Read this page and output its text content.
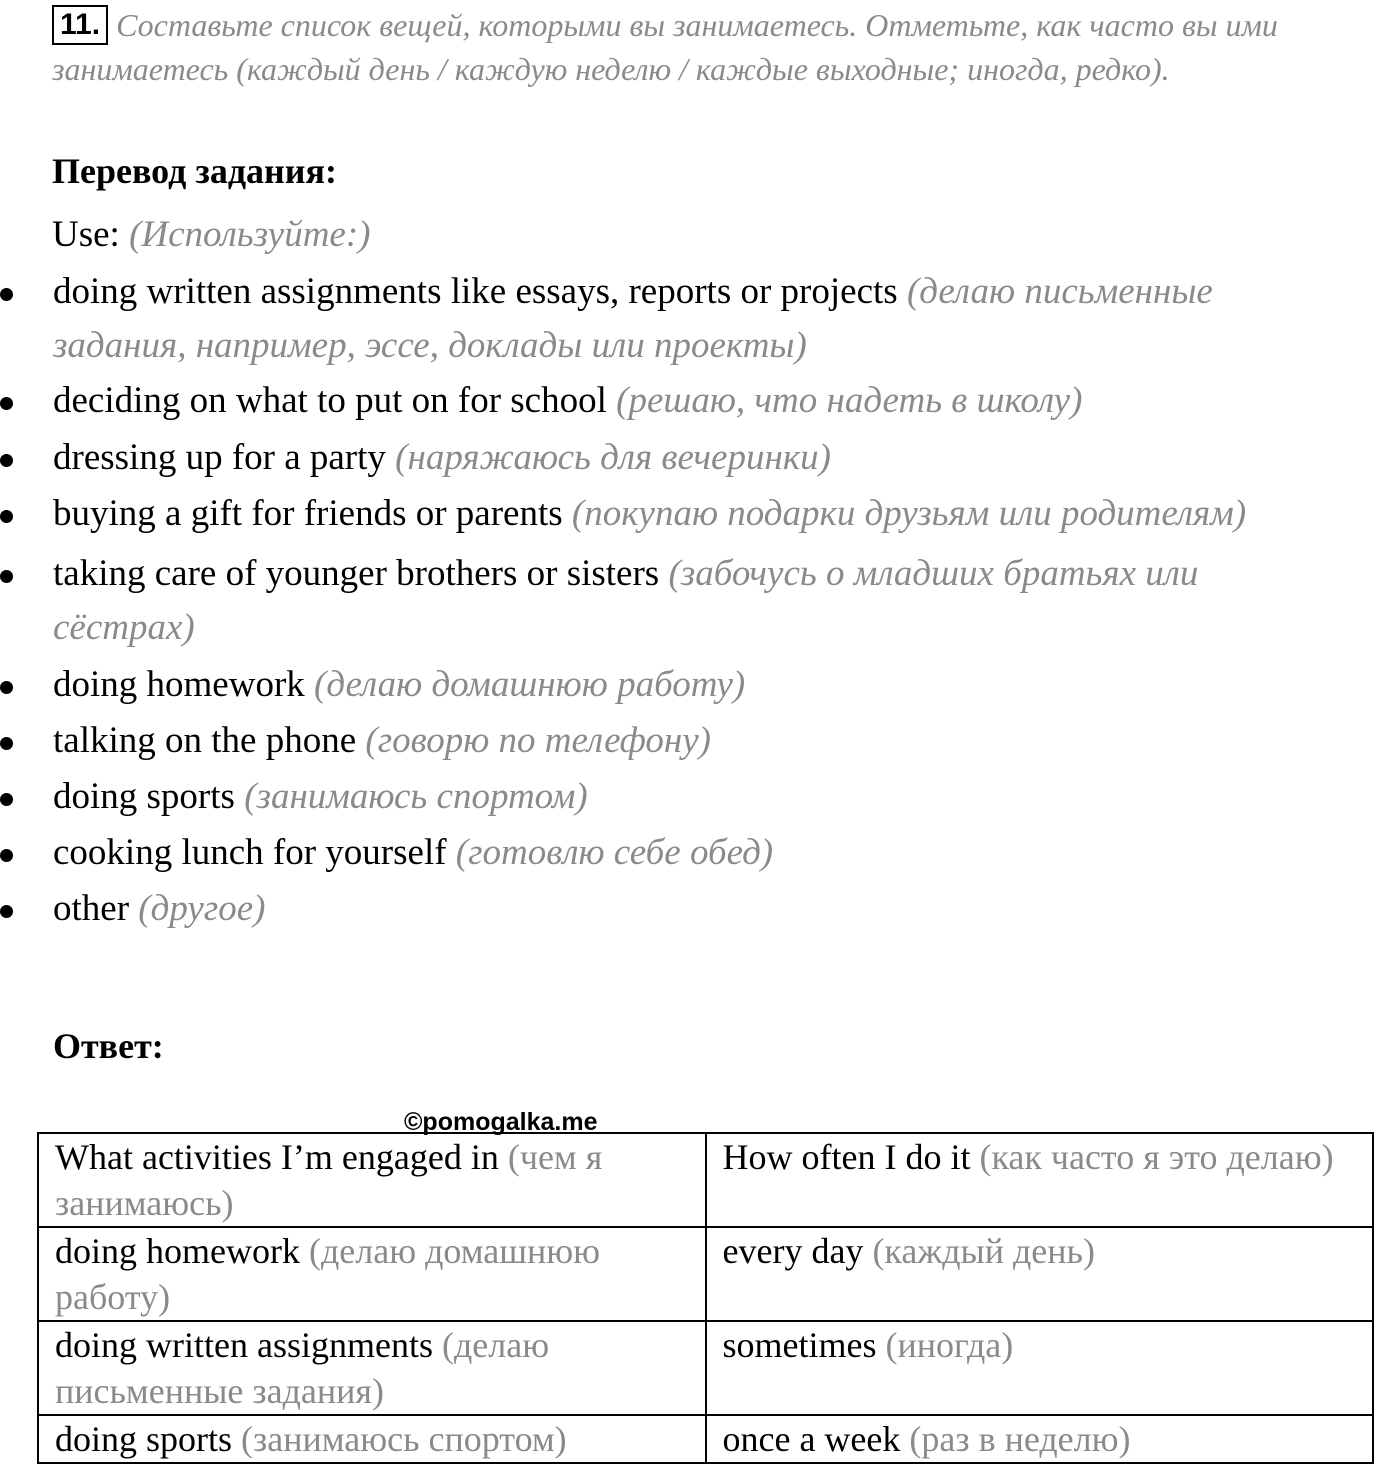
11. Составьте список вещей, которыми вы занимаетесь. Отметьте, как часто вы ими
занимаетесь (каждый день / каждую неделю / каждые выходные; иногда, редко).
Перевод задания:
Use: (Используйте:)
doing written assignments like essays, reports or projects (делаю письменные
задания, например, эссе, доклады или проекты)
deciding on what to put on for school (решаю, что надеть в школу)
dressing up for a party (наряжаюсь для вечеринки)
buying a gift for friends or parents (покупаю подарки друзьям или родителям)
taking care of younger brothers or sisters (забочусь о младших братьях или
сёстрах)
doing homework (делаю домашнюю работу)
talking on the phone (говорю по телефону)
doing sports (занимаюсь спортом)
cooking lunch for yourself (готовлю себе обед)
other (другое)
Ответ:
©pomogalka.me
What activities I’m engaged in (чем я занимаюсь)	How often I do it (как часто я это делаю)
doing homework (делаю домашнюю работу)	every day (каждый день)
doing written assignments (делаю письменные задания)	sometimes (иногда)
doing sports (занимаюсь спортом)	once a week (раз в неделю)
